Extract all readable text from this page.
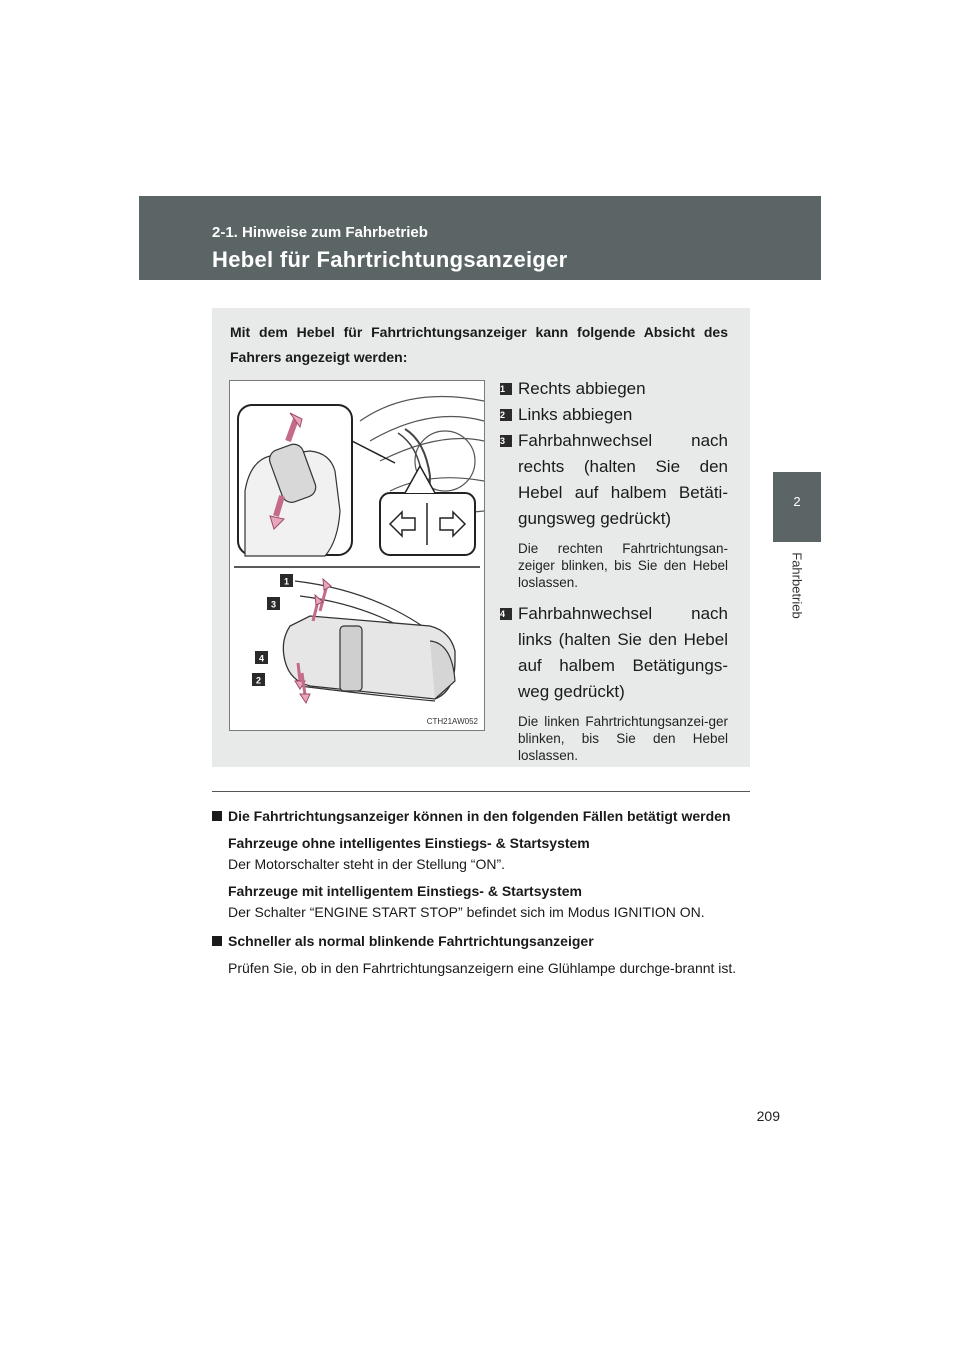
2-1. Hinweise zum Fahrbetrieb
Hebel für Fahrtrichtungsanzeiger
2
Fahrbetrieb
Mit dem Hebel für Fahrtrichtungsanzeiger kann folgende Absicht des Fahrers angezeigt werden:
1
3
4
2
CTH21AW052
1 Rechts abbiegen
2 Links abbiegen
3 Fahrbahnwechsel nach rechts (halten Sie den Hebel auf halbem Betäti-gungsweg gedrückt)
Die rechten Fahrtrichtungsan-zeiger blinken, bis Sie den Hebel loslassen.
4 Fahrbahnwechsel nach links (halten Sie den Hebel auf halbem Betätigungs-weg gedrückt)
Die linken Fahrtrichtungsanzei-ger blinken, bis Sie den Hebel loslassen.
Die Fahrtrichtungsanzeiger können in den folgenden Fällen betätigt werden
Fahrzeuge ohne intelligentes Einstiegs- & Startsystem
Der Motorschalter steht in der Stellung “ON”.
Fahrzeuge mit intelligentem Einstiegs- & Startsystem
Der Schalter “ENGINE START STOP” befindet sich im Modus IGNITION ON.
Schneller als normal blinkende Fahrtrichtungsanzeiger
Prüfen Sie, ob in den Fahrtrichtungsanzeigern eine Glühlampe durchge-brannt ist.
209
